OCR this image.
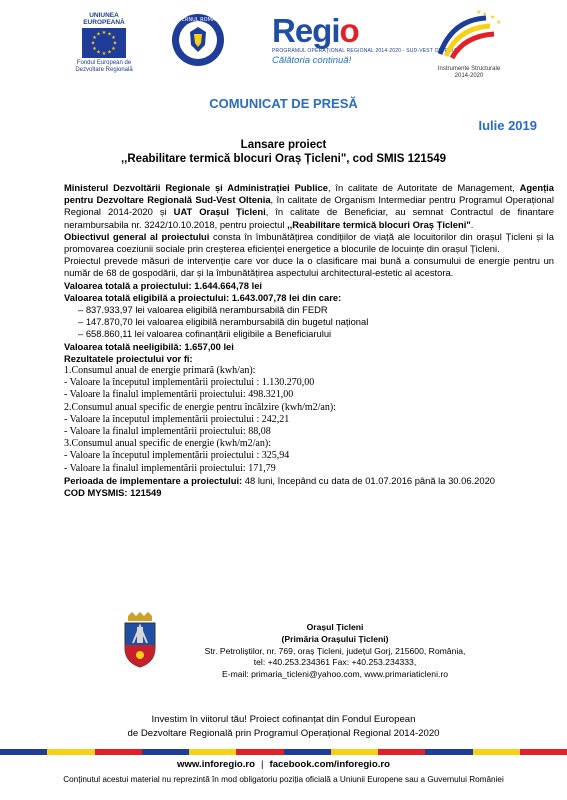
UNIUNEA EUROPEANĂ
★ ★
★
★
★
★
★
★
★
★
★
★
Fondul European de
Dezvoltare Regională
GUVERNUL ROMÂNIEI Regio
PROGRAMUL OPERAȚIONAL REGIONAL 2014-2020 · SUD-VEST OLTENIA
Călătoria continuă!
★ ★
★
★
Instrumente Structurale
2014-2020
COMUNICAT DE PRESĂ
Iulie 2019
Lansare proiect
,,Reabilitare termică blocuri Oraș Țicleni", cod SMIS 121549

Ministerul Dezvoltării Regionale și Administrației Publice, în calitate de Autoritate de Management, Agenția pentru Dezvoltare Regională Sud-Vest Oltenia, în calitate de Organism Intermediar pentru Programul Operațional Regional 2014-2020 și UAT Orașul Țicleni, în calitate de Beneficiar, au semnat Contractul de finantare nerambursabila nr. 3242/10.10.2018, pentru proiectul ,,Reabilitare termică blocuri Oraș Țicleni".

Obiectivul general al proiectului consta în îmbunătățirea condițiilor de viață ale locuitorilor din orașul Țicleni și la promovarea coeziunii sociale prin creșterea eficienței energetice a blocurile de locuințe din orașul Țicleni.

Proiectul prevede măsuri de intervenție care vor duce la o clasificare mai bună a consumului de energie pentru un număr de 68 de gospodării, dar și la îmbunătățirea aspectului architectural-estetic al acestora.

Valoarea totală a proiectului: 1.644.664,78 lei

Valoarea totală eligibilă a proiectului: 1.643.007,78 lei din care:

– 837.933,97 lei valoarea eligibilă nerambursabilă din FEDR

– 147.870,70 lei valoarea eligibilă nerambursabilă din bugetul național

– 658.860,11 lei valoarea cofinanțării eligibile a Beneficiarului

Valoarea totală neeligibilă: 1.657,00 lei

Rezultatele proiectului vor fi:

1.Consumul anual de energie primară (kwh/an):

- Valoare la începutul implementării proiectului : 1.130.270,00

- Valoare la finalul implementării proiectului: 498.321,00

2.Consumul anual specific de energie pentru încălzire (kwh/m2/an):

- Valoare la începutul implementării proiectului : 242,21

- Valoare la finalul implementării proiectului: 88,08

3.Consumul anual specific de energie (kwh/m2/an):

- Valoare la începutul implementării proiectului : 325,94

- Valoare la finalul implementării proiectului: 171,79

Perioada de implementare a proiectului: 48 luni, începând cu data de 01.07.2016 până la 30.06.2020

COD MYSMIS: 121549

Orașul Țicleni
(Primăria Orașului Țicleni)
Str. Petroliștilor, nr. 769, oraș Țicleni, județul Gorj, 215600, România,
tel: +40.253.234361 Fax: +40.253.234333,
E-mail: primaria_ticleni@yahoo.com, www.primariaticleni.ro
Investim în viitorul tău! Proiect cofinanțat din Fondul European
de Dezvoltare Regională prin Programul Operațional Regional 2014-2020
www.inforegio.ro | facebook.com/inforegio.ro
Conținutul acestui material nu reprezintă în mod obligatoriu poziția oficială a Uniunii Europene sau a Guvernului României
